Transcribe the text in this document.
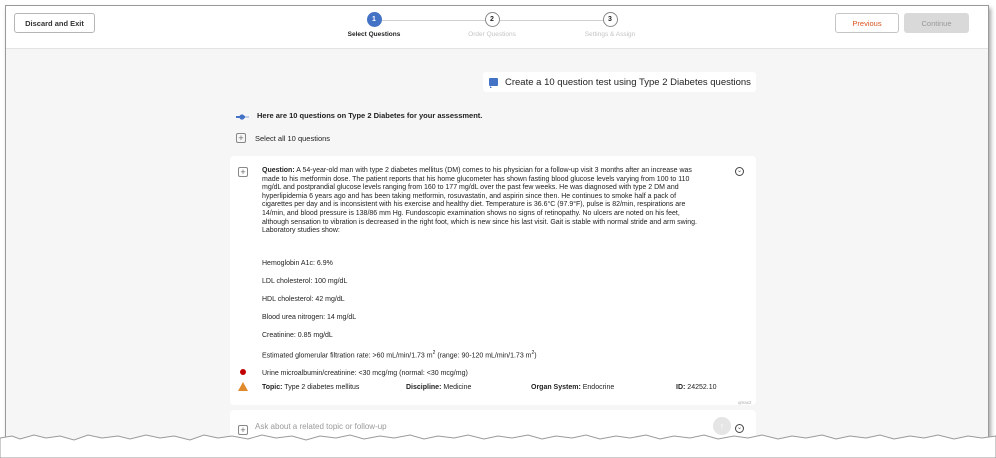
Discard and Exit	1
Select Questions
2
Order Questions
3
Settings & Assign
Previous	Continue
Create a 10 question test using Type 2 Diabetes questions
Here are 10 questions on Type 2 Diabetes for your assessment.
+	Select all 10 questions
+	⌄
Question: A 54-year-old man with type 2 diabetes mellitus (DM) comes to his physician for a follow-up visit 3 months after an increase was made to his metformin dose. The patient reports that his home glucometer has shown fasting blood glucose levels varying from 100 to 110 mg/dL and postprandial glucose levels ranging from 160 to 177 mg/dL over the past few weeks. He was diagnosed with type 2 DM and hyperlipidemia 6 years ago and has been taking metformin, rosuvastatin, and aspirin since then. He continues to smoke half a pack of cigarettes per day and is inconsistent with his exercise and healthy diet. Temperature is 36.6°C (97.9°F), pulse is 82/min, respirations are 14/min, and blood pressure is 138/86 mm Hg. Fundoscopic examination shows no signs of retinopathy. No ulcers are noted on his feet, although sensation to vibration is decreased in the right foot, which is new since his last visit. Gait is stable with normal stride and arm swing. Laboratory studies show:
Hemoglobin A1c: 6.9%
LDL cholesterol: 100 mg/dL
HDL cholesterol: 42 mg/dL
Blood urea nitrogen: 14 mg/dL
Creatinine: 0.85 mg/dL
Estimated glomerular filtration rate: >60 mL/min/1.73 $m^2$ (range: 90-120 mL/min/1.73 $m^2$)
Urine microalbumin/creatinine: <30 mcg/mg (normal: <30 mcg/mg)
Topic: Type 2 diabetes mellitus	Discipline: Medicine	Organ System: Endocrine	ID: 24252.10
qmax2
+ Ask about a related topic or follow-up	↑	⌄
